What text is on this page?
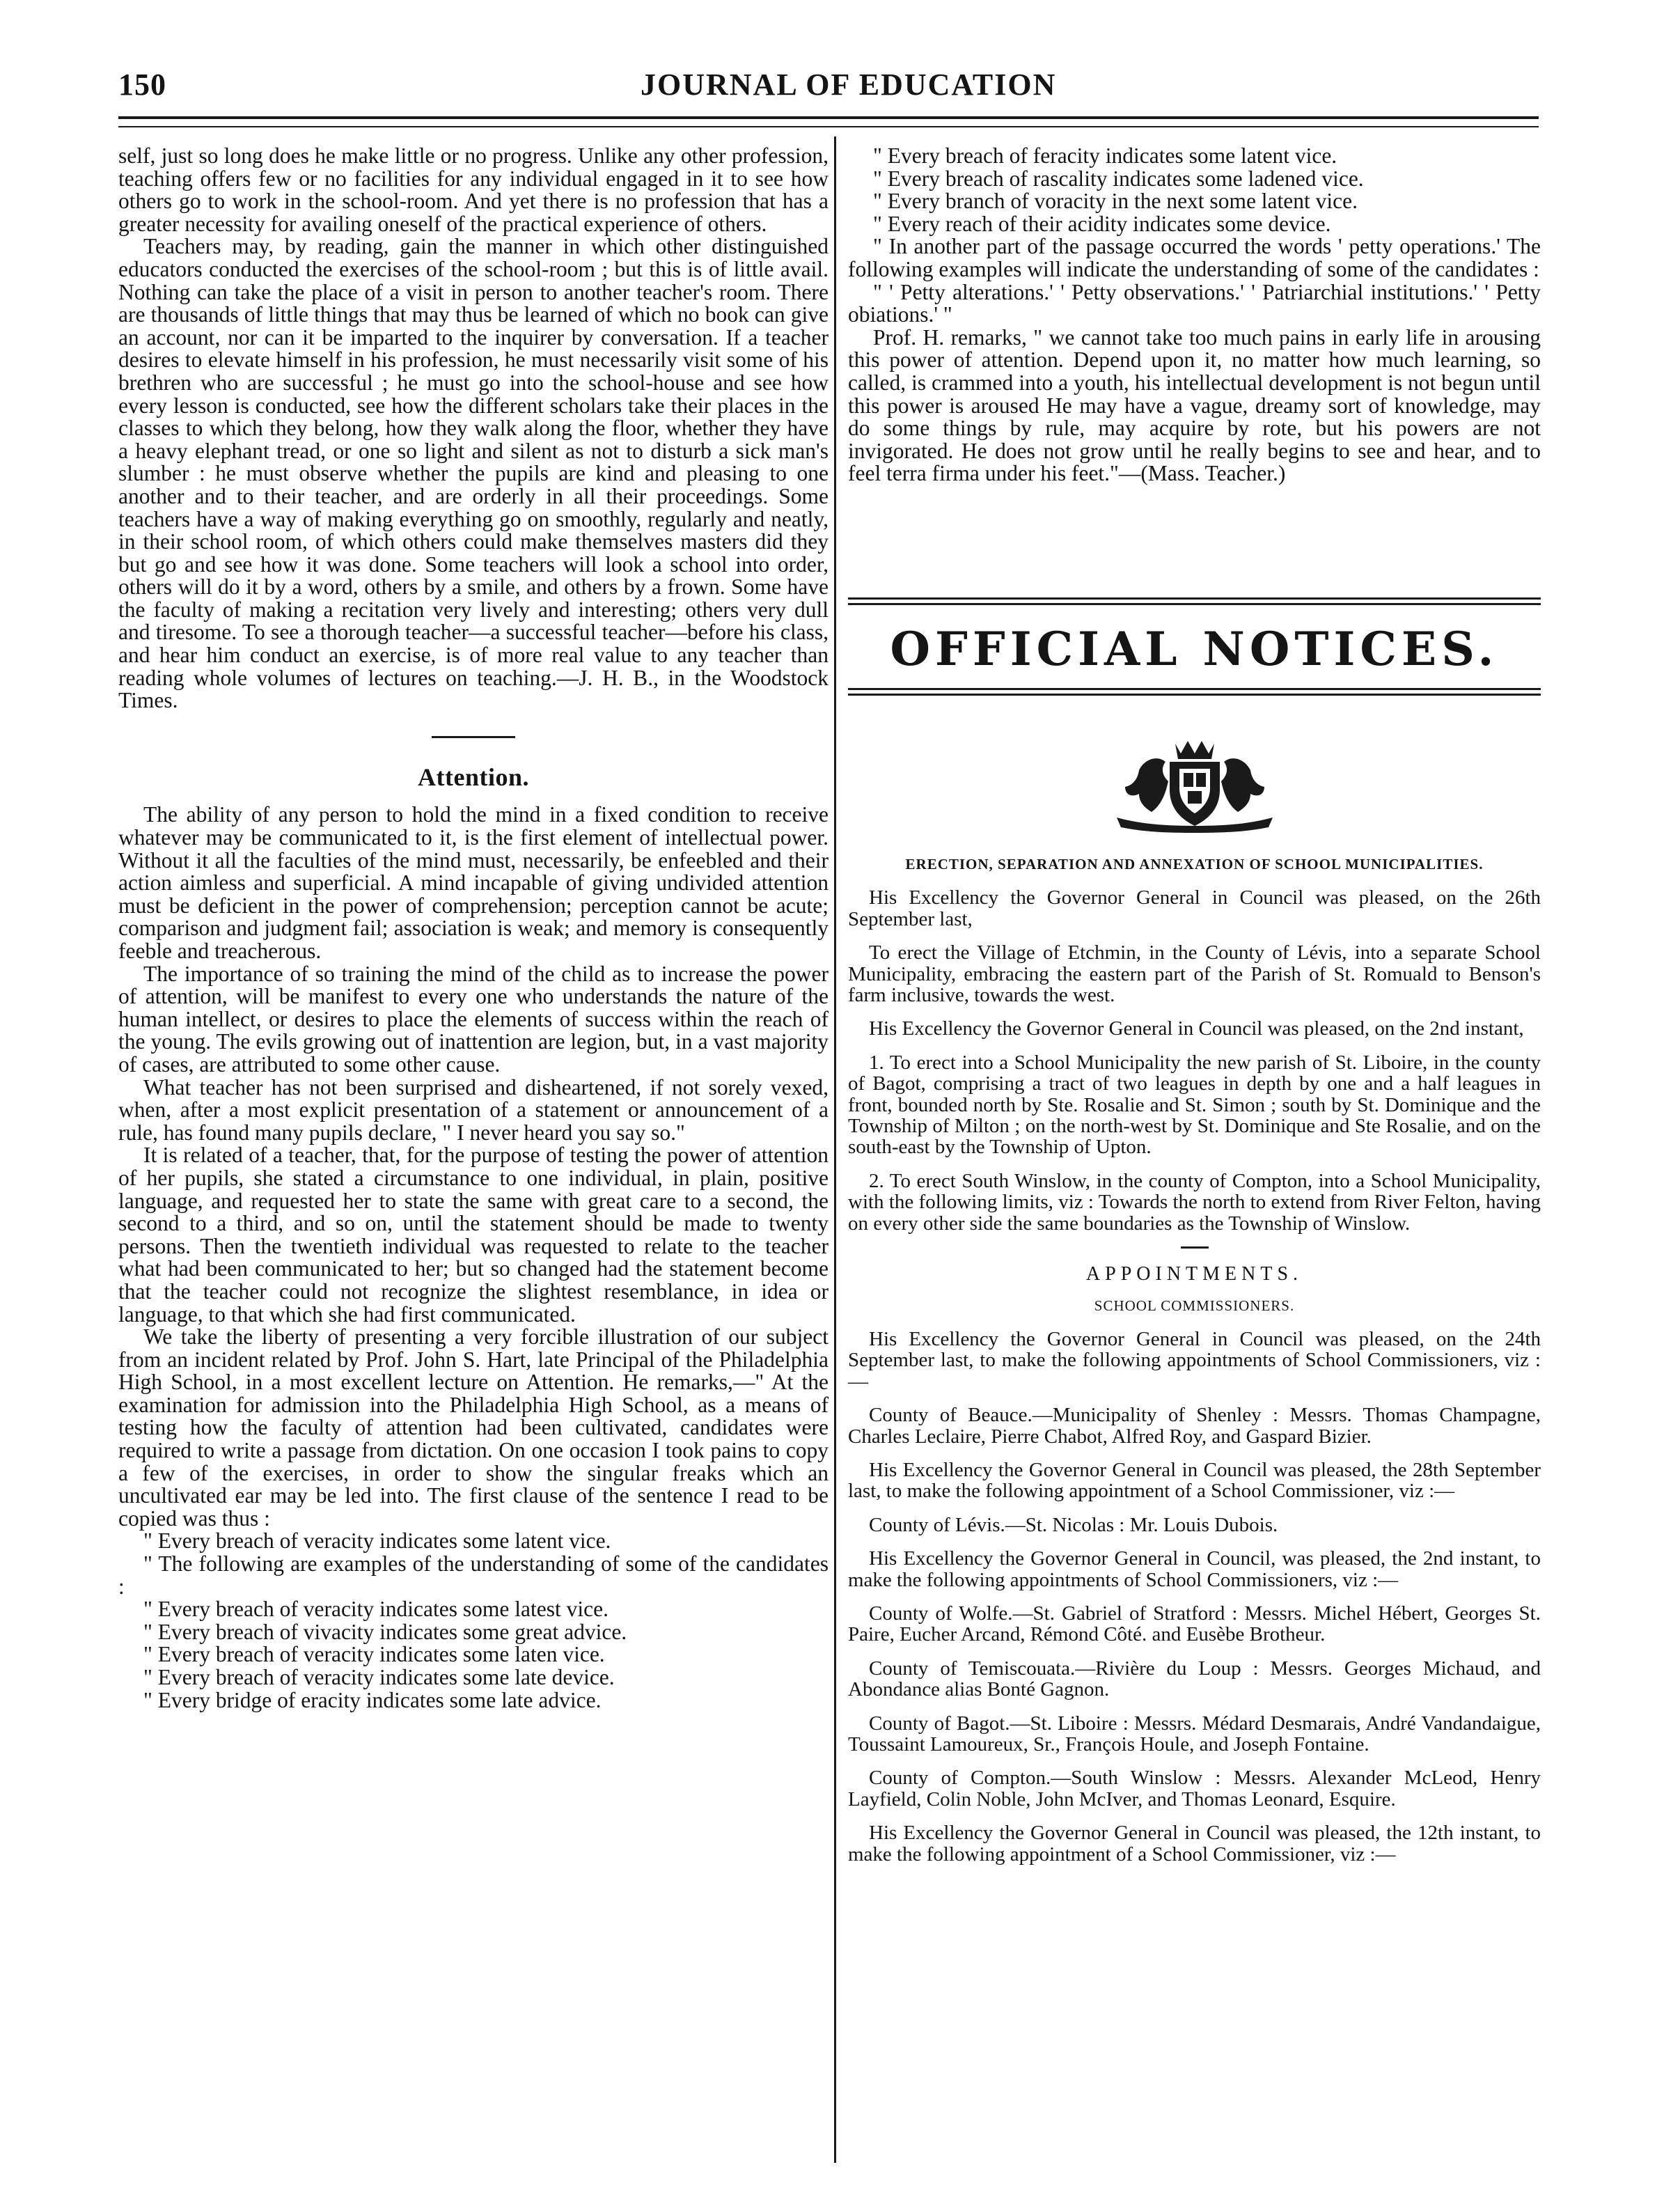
150	JOURNAL OF EDUCATION

self, just so long does he make little or no progress. Unlike any other profession, teaching offers few or no facilities for any individual engaged in it to see how others go to work in the school-room. And yet there is no profession that has a greater necessity for availing oneself of the practical experience of others.

Teachers may, by reading, gain the manner in which other distinguished educators conducted the exercises of the school-room ; but this is of little avail. Nothing can take the place of a visit in person to another teacher's room. There are thousands of little things that may thus be learned of which no book can give an account, nor can it be imparted to the inquirer by conversation. If a teacher desires to elevate himself in his profession, he must necessarily visit some of his brethren who are successful ; he must go into the school-house and see how every lesson is conducted, see how the different scholars take their places in the classes to which they belong, how they walk along the floor, whether they have a heavy elephant tread, or one so light and silent as not to disturb a sick man's slumber : he must observe whether the pupils are kind and pleasing to one another and to their teacher, and are orderly in all their proceedings. Some teachers have a way of making everything go on smoothly, regularly and neatly, in their school room, of which others could make themselves masters did they but go and see how it was done. Some teachers will look a school into order, others will do it by a word, others by a smile, and others by a frown. Some have the faculty of making a recitation very lively and interesting; others very dull and tiresome. To see a thorough teacher—a successful teacher—before his class, and hear him conduct an exercise, is of more real value to any teacher than reading whole volumes of lectures on teaching.—J. H. B., in the Woodstock Times.

Attention.

The ability of any person to hold the mind in a fixed condition to receive whatever may be communicated to it, is the first element of intellectual power. Without it all the faculties of the mind must, necessarily, be enfeebled and their action aimless and superficial. A mind incapable of giving undivided attention must be deficient in the power of comprehension; perception cannot be acute; comparison and judgment fail; association is weak; and memory is consequently feeble and treacherous.

The importance of so training the mind of the child as to increase the power of attention, will be manifest to every one who understands the nature of the human intellect, or desires to place the elements of success within the reach of the young. The evils growing out of inattention are legion, but, in a vast majority of cases, are attributed to some other cause.

What teacher has not been surprised and disheartened, if not sorely vexed, when, after a most explicit presentation of a statement or announcement of a rule, has found many pupils declare, " I never heard you say so."

It is related of a teacher, that, for the purpose of testing the power of attention of her pupils, she stated a circumstance to one individual, in plain, positive language, and requested her to state the same with great care to a second, the second to a third, and so on, until the statement should be made to twenty persons. Then the twentieth individual was requested to relate to the teacher what had been communicated to her; but so changed had the statement become that the teacher could not recognize the slightest resemblance, in idea or language, to that which she had first communicated.

We take the liberty of presenting a very forcible illustration of our subject from an incident related by Prof. John S. Hart, late Principal of the Philadelphia High School, in a most excellent lecture on Attention. He remarks,—" At the examination for admission into the Philadelphia High School, as a means of testing how the faculty of attention had been cultivated, candidates were required to write a passage from dictation. On one occasion I took pains to copy a few of the exercises, in order to show the singular freaks which an uncultivated ear may be led into. The first clause of the sentence I read to be copied was thus :

" Every breach of veracity indicates some latent vice.

" The following are examples of the understanding of some of the candidates :

" Every breach of veracity indicates some latest vice.

" Every breach of vivacity indicates some great advice.

" Every breach of veracity indicates some laten vice.

" Every breach of veracity indicates some late device.

" Every bridge of eracity indicates some late advice.

" Every breach of feracity indicates some latent vice.

" Every breach of rascality indicates some ladened vice.

" Every branch of voracity in the next some latent vice.

" Every reach of their acidity indicates some device.

" In another part of the passage occurred the words ' petty operations.' The following examples will indicate the understanding of some of the candidates :

" ' Petty alterations.' ' Petty observations.' ' Patriarchial institutions.' ' Petty obiations.' "

Prof. H. remarks, " we cannot take too much pains in early life in arousing this power of attention. Depend upon it, no matter how much learning, so called, is crammed into a youth, his intellectual development is not begun until this power is aroused He may have a vague, dreamy sort of knowledge, may do some things by rule, may acquire by rote, but his powers are not invigorated. He does not grow until he really begins to see and hear, and to feel terra firma under his feet."—(Mass. Teacher.)

OFFICIAL NOTICES.
ERECTION, SEPARATION AND ANNEXATION OF SCHOOL MUNICIPALITIES.

His Excellency the Governor General in Council was pleased, on the 26th September last,

To erect the Village of Etchmin, in the County of Lévis, into a separate School Municipality, embracing the eastern part of the Parish of St. Romuald to Benson's farm inclusive, towards the west.

His Excellency the Governor General in Council was pleased, on the 2nd instant,

1. To erect into a School Municipality the new parish of St. Liboire, in the county of Bagot, comprising a tract of two leagues in depth by one and a half leagues in front, bounded north by Ste. Rosalie and St. Simon ; south by St. Dominique and the Township of Milton ; on the north-west by St. Dominique and Ste Rosalie, and on the south-east by the Township of Upton.

2. To erect South Winslow, in the county of Compton, into a School Municipality, with the following limits, viz : Towards the north to extend from River Felton, having on every other side the same boundaries as the Township of Winslow.

APPOINTMENTS.
SCHOOL COMMISSIONERS.

His Excellency the Governor General in Council was pleased, on the 24th September last, to make the following appointments of School Commissioners, viz :—

County of Beauce.—Municipality of Shenley : Messrs. Thomas Champagne, Charles Leclaire, Pierre Chabot, Alfred Roy, and Gaspard Bizier.

His Excellency the Governor General in Council was pleased, the 28th September last, to make the following appointment of a School Commissioner, viz :—

County of Lévis.—St. Nicolas : Mr. Louis Dubois.

His Excellency the Governor General in Council, was pleased, the 2nd instant, to make the following appointments of School Commissioners, viz :—

County of Wolfe.—St. Gabriel of Stratford : Messrs. Michel Hébert, Georges St. Paire, Eucher Arcand, Rémond Côté. and Eusèbe Brotheur.

County of Temiscouata.—Rivière du Loup : Messrs. Georges Michaud, and Abondance alias Bonté Gagnon.

County of Bagot.—St. Liboire : Messrs. Médard Desmarais, André Vandandaigue, Toussaint Lamoureux, Sr., François Houle, and Joseph Fontaine.

County of Compton.—South Winslow : Messrs. Alexander McLeod, Henry Layfield, Colin Noble, John McIver, and Thomas Leonard, Esquire.

His Excellency the Governor General in Council was pleased, the 12th instant, to make the following appointment of a School Commissioner, viz :—
